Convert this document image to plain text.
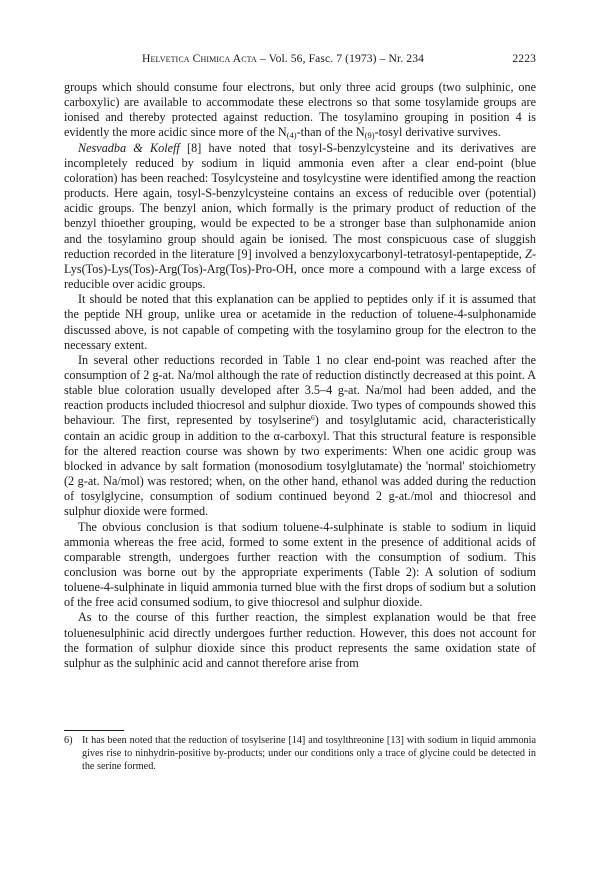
Helvetica Chimica Acta – Vol. 56, Fasc. 7 (1973) – Nr. 234	2223

groups which should consume four electrons, but only three acid groups (two sulphinic, one carboxylic) are available to accommodate these electrons so that some tosylamide groups are ionised and thereby protected against reduction. The tosylamino grouping in position 4 is evidently the more acidic since more of the $N_{(4)}$-than of the $N_{(9)}$-tosyl derivative survives.

Nesvadba & Koleff [8] have noted that tosyl-S-benzylcysteine and its derivatives are incompletely reduced by sodium in liquid ammonia even after a clear end-point (blue coloration) has been reached: Tosylcysteine and tosylcystine were identified among the reaction products. Here again, tosyl-S-benzylcysteine contains an excess of reducible over (potential) acidic groups. The benzyl anion, which formally is the primary product of reduction of the benzyl thioether grouping, would be expected to be a stronger base than sulphonamide anion and the tosylamino group should again be ionised. The most conspicuous case of sluggish reduction recorded in the literature [9] involved a benzyloxycarbonyl-tetratosyl-pentapeptide, Z-Lys(Tos)-Lys(Tos)-Arg(Tos)-Arg(Tos)-Pro-OH, once more a compound with a large excess of reducible over acidic groups.

It should be noted that this explanation can be applied to peptides only if it is assumed that the peptide NH group, unlike urea or acetamide in the reduction of toluene-4-sulphonamide discussed above, is not capable of competing with the tosylamino group for the electron to the necessary extent.

In several other reductions recorded in Table 1 no clear end-point was reached after the consumption of 2 g-at. Na/mol although the rate of reduction distinctly decreased at this point. A stable blue coloration usually developed after 3.5–4 g-at. Na/mol had been added, and the reaction products included thiocresol and sulphur dioxide. Two types of compounds showed this behaviour. The first, represented by tosylserine$^6$) and tosylglutamic acid, characteristically contain an acidic group in addition to the α-carboxyl. That this structural feature is responsible for the altered reaction course was shown by two experiments: When one acidic group was blocked in advance by salt formation (monosodium tosylglutamate) the 'normal' stoichiometry (2 g-at. Na/mol) was restored; when, on the other hand, ethanol was added during the reduction of tosylglycine, consumption of sodium continued beyond 2 g-at./mol and thiocresol and sulphur dioxide were formed.

The obvious conclusion is that sodium toluene-4-sulphinate is stable to sodium in liquid ammonia whereas the free acid, formed to some extent in the presence of additional acids of comparable strength, undergoes further reaction with the consumption of sodium. This conclusion was borne out by the appropriate experiments (Table 2): A solution of sodium toluene-4-sulphinate in liquid ammonia turned blue with the first drops of sodium but a solution of the free acid consumed sodium, to give thiocresol and sulphur dioxide.

As to the course of this further reaction, the simplest explanation would be that free toluenesulphinic acid directly undergoes further reduction. However, this does not account for the formation of sulphur dioxide since this product represents the same oxidation state of sulphur as the sulphinic acid and cannot therefore arise from

6) It has been noted that the reduction of tosylserine [14] and tosylthreonine [13] with sodium in liquid ammonia gives rise to ninhydrin-positive by-products; under our conditions only a trace of glycine could be detected in the serine formed.
